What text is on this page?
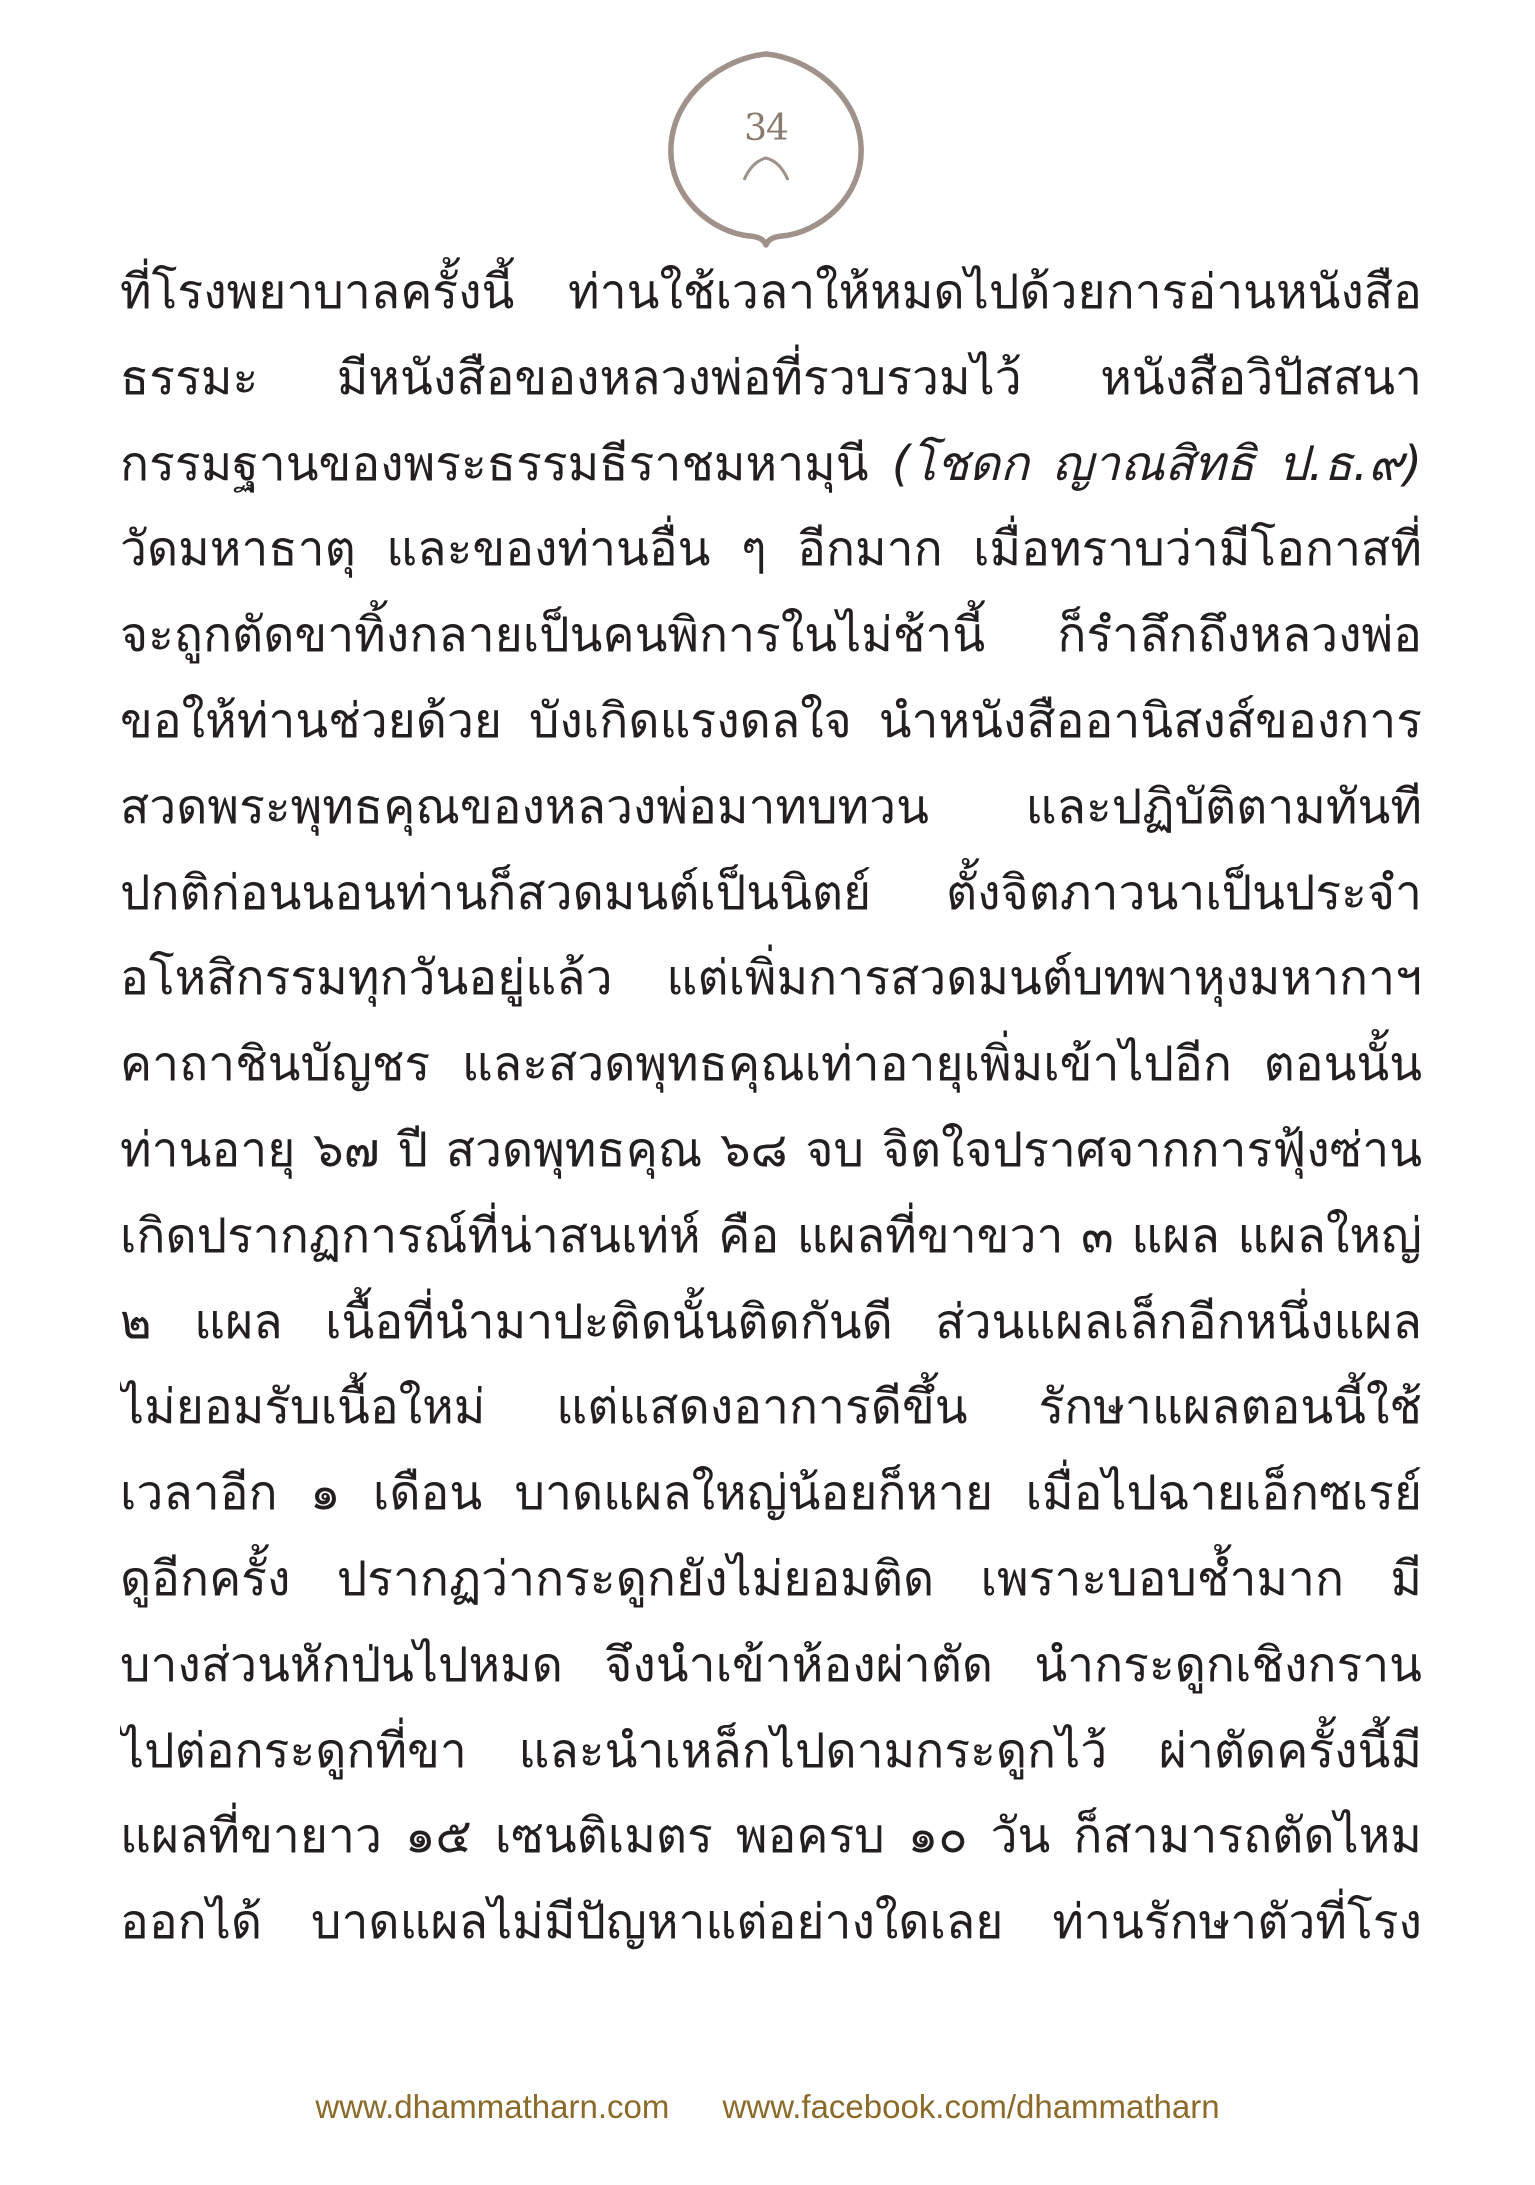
34
ที่โรงพยาบาลครั้งนี้ ท่านใช้เวลาให้หมดไปด้วยการอ่านหนังสือ
ธรรมะ มีหนังสือของหลวงพ่อที่รวบรวมไว้ หนังสือวิปัสสนา
กรรมฐานของพระธรรมธีราชมหามุนี (โชดก ญาณสิทธิ ป.ธ.๙)
วัดมหาธาตุ และของท่านอื่น ๆ อีกมาก เมื่อทราบว่ามีโอกาสที่
จะถูกตัดขาทิ้งกลายเป็นคนพิการในไม่ช้านี้ ก็รำลึกถึงหลวงพ่อ
ขอให้ท่านช่วยด้วย บังเกิดแรงดลใจ นำหนังสืออานิสงส์ของการ
สวดพระพุทธคุณของหลวงพ่อมาทบทวน และปฏิบัติตามทันที
ปกติก่อนนอนท่านก็สวดมนต์เป็นนิตย์ ตั้งจิตภาวนาเป็นประจำ
อโหสิกรรมทุกวันอยู่แล้ว แต่เพิ่มการสวดมนต์บทพาหุงมหากาฯ
คาถาชินบัญชร และสวดพุทธคุณเท่าอายุเพิ่มเข้าไปอีก ตอนนั้น
ท่านอายุ ๖๗ ปี สวดพุทธคุณ ๖๘ จบ จิตใจปราศจากการฟุ้งซ่าน
เกิดปรากฏการณ์ที่น่าสนเท่ห์ คือ แผลที่ขาขวา ๓ แผล แผลใหญ่
๒ แผล เนื้อที่นำมาปะติดนั้นติดกันดี ส่วนแผลเล็กอีกหนึ่งแผล
ไม่ยอมรับเนื้อใหม่ แต่แสดงอาการดีขึ้น รักษาแผลตอนนี้ใช้
เวลาอีก ๑ เดือน บาดแผลใหญ่น้อยก็หาย เมื่อไปฉายเอ็กซเรย์
ดูอีกครั้ง ปรากฏว่ากระดูกยังไม่ยอมติด เพราะบอบช้ำมาก มี
บางส่วนหักป่นไปหมด จึงนำเข้าห้องผ่าตัด นำกระดูกเชิงกราน
ไปต่อกระดูกที่ขา และนำเหล็กไปดามกระดูกไว้ ผ่าตัดครั้งนี้มี
แผลที่ขายาว ๑๕ เซนติเมตร พอครบ ๑๐ วัน ก็สามารถตัดไหม
ออกได้ บาดแผลไม่มีปัญหาแต่อย่างใดเลย ท่านรักษาตัวที่โรง
www.dhammatharn.com www.facebook.com/dhammatharn
